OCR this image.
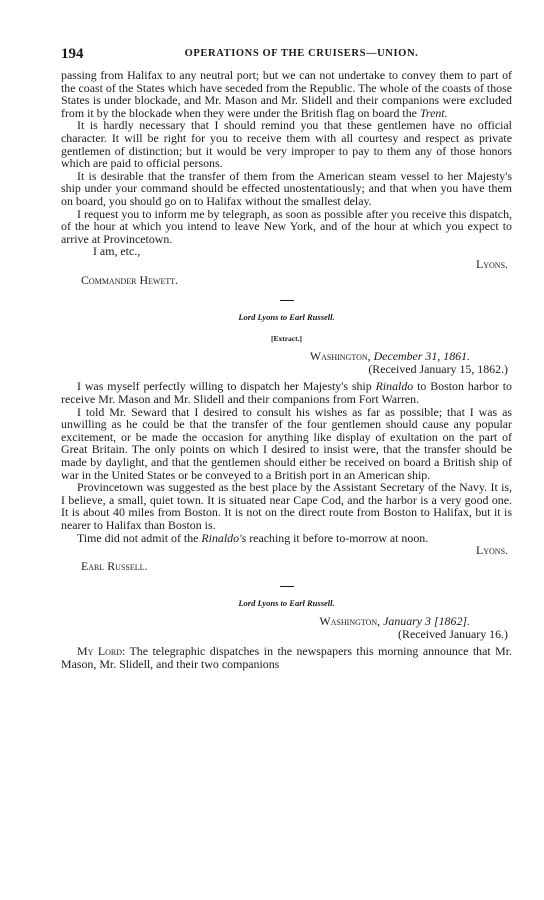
194	OPERATIONS OF THE CRUISERS—UNION.

passing from Halifax to any neutral port; but we can not undertake to convey them to part of the coast of the States which have seceded from the Republic. The whole of the coasts of those States is under blockade, and Mr. Mason and Mr. Slidell and their companions were excluded from it by the blockade when they were under the British flag on board the Trent.

It is hardly necessary that I should remind you that these gentlemen have no official character. It will be right for you to receive them with all courtesy and respect as private gentlemen of distinction; but it would be very improper to pay to them any of those honors which are paid to official persons.

It is desirable that the transfer of them from the American steam vessel to her Majesty's ship under your command should be effected unostentatiously; and that when you have them on board, you should go on to Halifax without the smallest delay.

I request you to inform me by telegraph, as soon as possible after you receive this dispatch, of the hour at which you intend to leave New York, and of the hour at which you expect to arrive at Provincetown.

I am, etc.,
Lyons.
Commander Hewett.
Lord Lyons to Earl Russell.
[Extract.]
Washington, December 31, 1861.
(Received January 15, 1862.)

I was myself perfectly willing to dispatch her Majesty's ship Rinaldo to Boston harbor to receive Mr. Mason and Mr. Slidell and their companions from Fort Warren.

I told Mr. Seward that I desired to consult his wishes as far as possible; that I was as unwilling as he could be that the transfer of the four gentlemen should cause any popular excitement, or be made the occasion for anything like display of exultation on the part of Great Britain. The only points on which I desired to insist were, that the transfer should be made by daylight, and that the gentlemen should either be received on board a British ship of war in the United States or be conveyed to a British port in an American ship.

Provincetown was suggested as the best place by the Assistant Secretary of the Navy. It is, I believe, a small, quiet town. It is situated near Cape Cod, and the harbor is a very good one. It is about 40 miles from Boston. It is not on the direct route from Boston to Halifax, but it is nearer to Halifax than Boston is.

Time did not admit of the Rinaldo's reaching it before to-morrow at noon.

Lyons.
Earl Russell.
Lord Lyons to Earl Russell.
Washington, January 3 [1862].
(Received January 16.)

My Lord: The telegraphic dispatches in the newspapers this morning announce that Mr. Mason, Mr. Slidell, and their two companions
